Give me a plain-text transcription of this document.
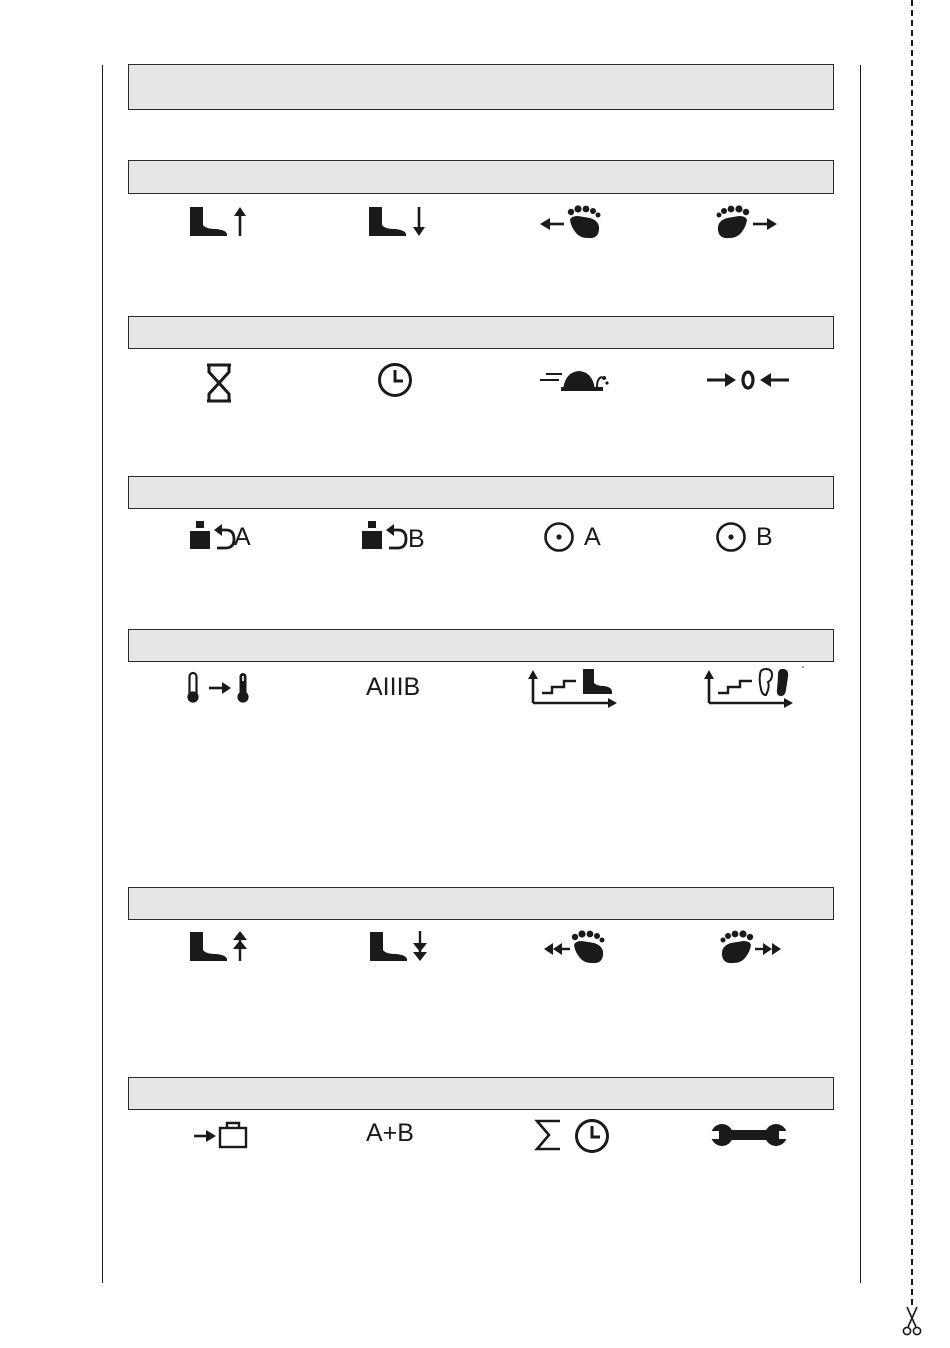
A	B	A	B
AIIIB
A+B
